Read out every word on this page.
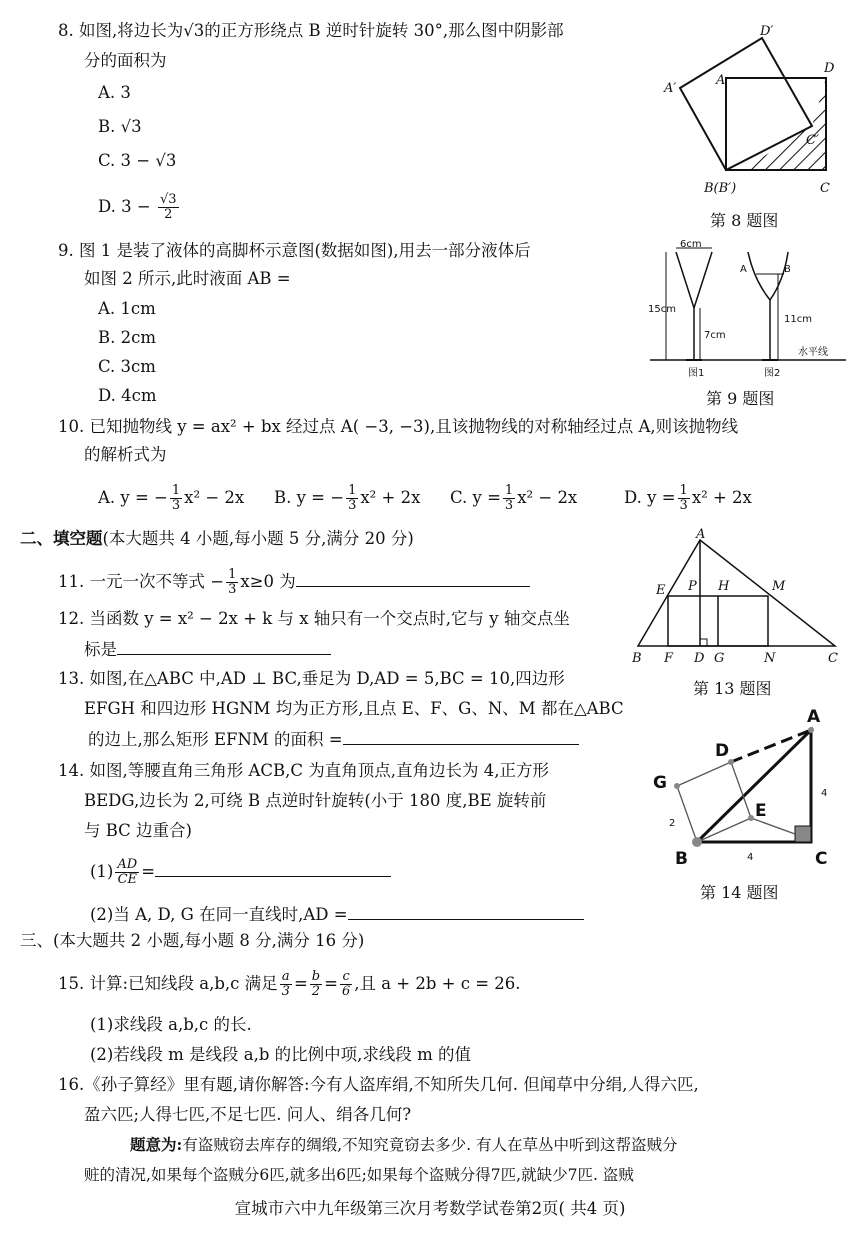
8. 如图,将边长为√3的正方形绕点 B 逆时针旋转 30°,那么图中阴影部
分的面积为
A. 3
B. √3
C. 3 − √3
D. $3 - \frac{√3}{2}$
D′
A′
A
D
C′
B(B′)	C
第 8 题图
9. 图 1 是装了液体的高脚杯示意图(数据如图),用去一部分液体后
如图 2 所示,此时液面 AB =
A. 1cm
B. 2cm
C. 3cm
D. 4cm
6cm
15cm
7cm
A	B
11cm
水平线
图1	图2
第 9 题图
10. 已知抛物线 y = ax² + bx 经过点 A( −3, −3),且该抛物线的对称轴经过点 A,则该抛物线
的解析式为
A. y = − $\frac{1}{3} x^2 - 2x$ B. y = − $\frac{1}{3} x^2 + 2x$ C. $y = \frac{1}{3} x^2 - 2x$	D. $y = \frac{1}{3} x^2 + 2x$
二、填空题(本大题共 4 小题,每小题 5 分,满分 20 分)
11. 一元一次不等式 − $\frac{1}{3} x\ge 0$ 为
12. 当函数 y = x² − 2x + k 与 x 轴只有一个交点时,它与 y 轴交点坐
标是
A
E P H	M
B F D G	N	C
第 13 题图
13. 如图,在△ABC 中,AD ⊥ BC,垂足为 D,AD = 5,BC = 10,四边形
EFGH 和四边形 HGNM 均为正方形,且点 E、F、G、N、M 都在△ABC
的边上,那么矩形 EFNM 的面积 =
14. 如图,等腰直角三角形 ACB,C 为直角顶点,直角边长为 4,正方形
BEDG,边长为 2,可绕 B 点逆时针旋转(小于 180 度,BE 旋转前
与 BC 边重合)
$(1) \frac{AD}{CE}$ =
(2)当 A, D, G 在同一直线时,AD =
A
D
G
E
B	C
2
4
4
第 14 题图
三、(本大题共 2 小题,每小题 8 分,满分 16 分)
15. 计算:已知线段 a,b,c 满足 $\frac{a}{3} = \frac{b}{2} = \frac{c}{6}$ ,且 a + 2b + c = 26.
(1)求线段 a,b,c 的长.
(2)若线段 m 是线段 a,b 的比例中项,求线段 m 的值
16.《孙子算经》里有题,请你解答:今有人盗库绢,不知所失几何. 但闻草中分绢,人得六匹,
盈六匹;人得七匹,不足七匹. 问人、绢各几何?
题意为:有盗贼窃去库存的绸缎,不知究竟窃去多少. 有人在草丛中听到这帮盗贼分
赃的清况,如果每个盗贼分6匹,就多出6匹;如果每个盗贼分得7匹,就缺少7匹. 盗贼
宣城市六中九年级第三次月考数学试卷第2页( 共4 页)
